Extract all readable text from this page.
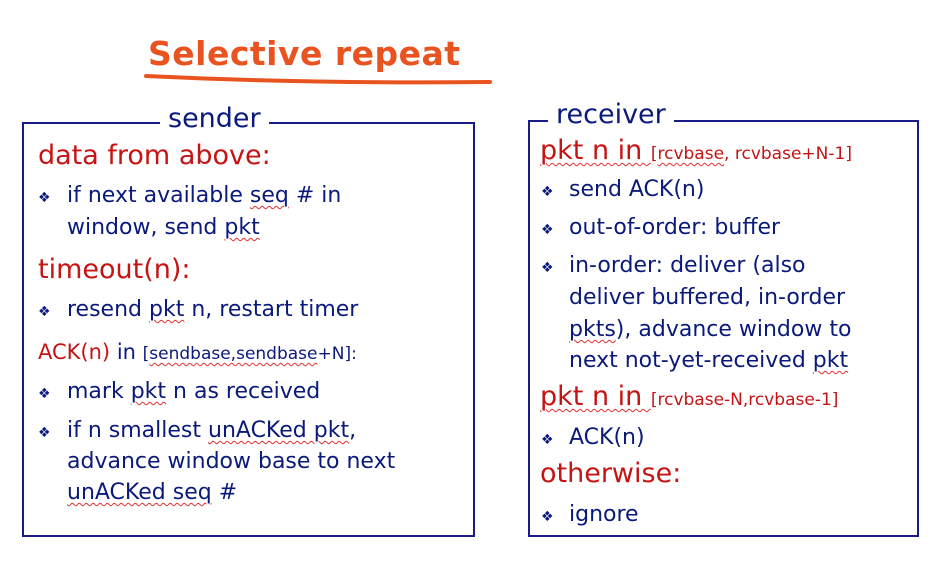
Selective repeat
sender
data from above:
❖ if next available seq # in
window, send pkt
timeout(n):
❖ resend pkt n, restart timer
ACK(n) in [sendbase,sendbase+N]:
❖ mark pkt n as received
❖ if n smallest unACKed pkt,
advance window base to next
unACKed seq #
receiver
pkt n in [rcvbase, rcvbase+N-1]
❖ send ACK(n)
❖ out-of-order: buffer
❖ in-order: deliver (also
deliver buffered, in-order
pkts), advance window to
next not-yet-received pkt
pkt n in [rcvbase-N,rcvbase-1]
❖ ACK(n)
otherwise:
❖ ignore
